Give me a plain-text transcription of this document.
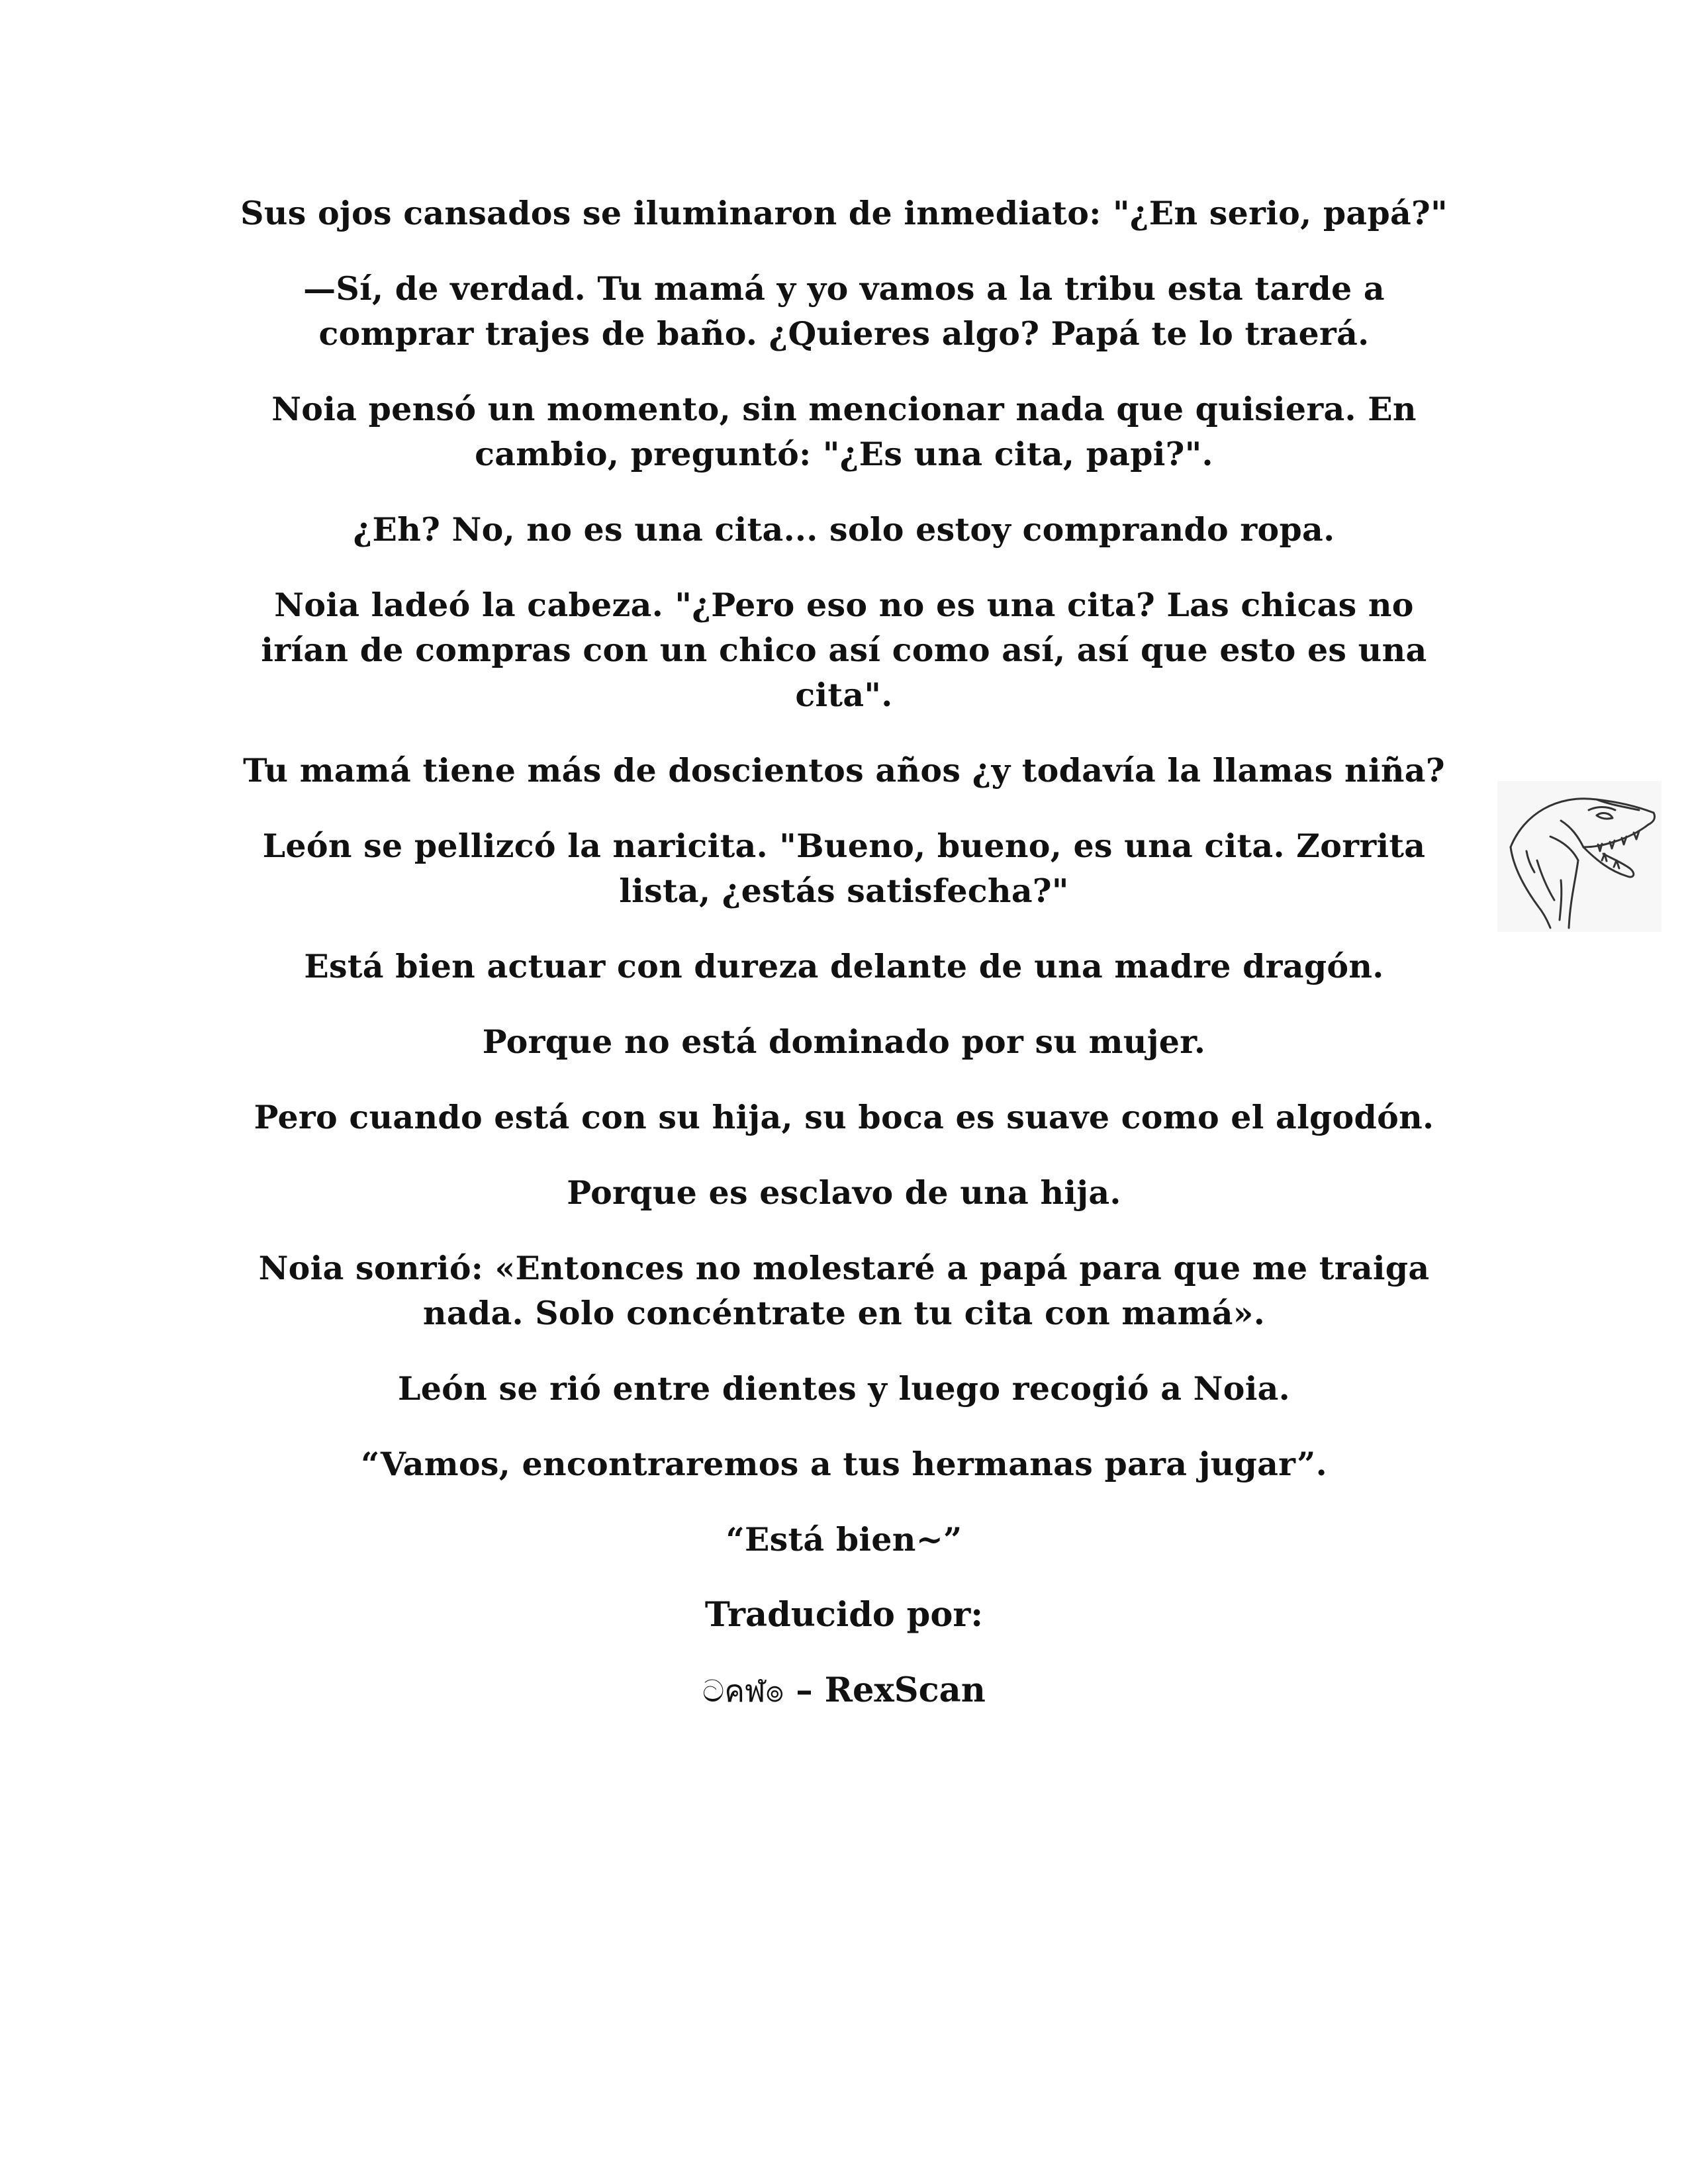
Sus ojos cansados se iluminaron de inmediato: "¿En serio, papá?"

—Sí, de verdad. Tu mamá y yo vamos a la tribu esta tarde a comprar trajes de baño. ¿Quieres algo? Papá te lo traerá.

Noia pensó un momento, sin mencionar nada que quisiera. En cambio, preguntó: "¿Es una cita, papi?".

¿Eh? No, no es una cita... solo estoy comprando ropa.

Noia ladeó la cabeza. "¿Pero eso no es una cita? Las chicas no irían de compras con un chico así como así, así que esto es una cita".

Tu mamá tiene más de doscientos años ¿y todavía la llamas niña?

León se pellizcó la naricita. "Bueno, bueno, es una cita. Zorrita lista, ¿estás satisfecha?"

Está bien actuar con dureza delante de una madre dragón.

Porque no está dominado por su mujer.

Pero cuando está con su hija, su boca es suave como el algodón.

Porque es esclavo de una hija.

Noia sonrió: «Entonces no molestaré a papá para que me traiga nada. Solo concéntrate en tu cita con mamá».

León se rió entre dientes y luego recogió a Noia.

“Vamos, encontraremos a tus hermanas para jugar”.

“Está bien~”

Traducido por:

ටคฬ๏ – RexScan
